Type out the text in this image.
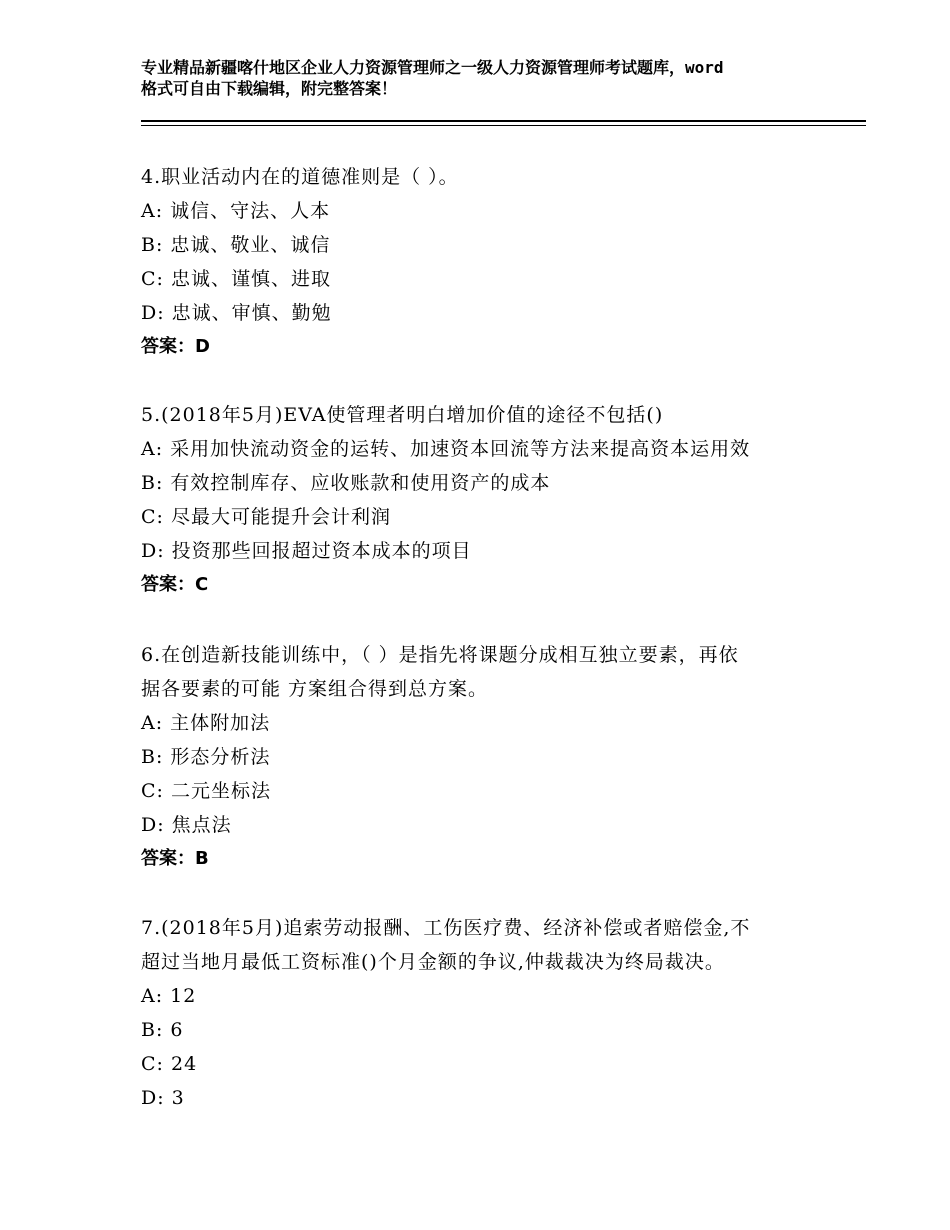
专业精品新疆喀什地区企业人力资源管理师之一级人力资源管理师考试题库，word
格式可自由下载编辑，附完整答案！
4.职业活动内在的道德准则是（ ）。
A: 诚信、守法、人本
B: 忠诚、敬业、诚信
C: 忠诚、谨慎、进取
D: 忠诚、审慎、勤勉
答案：D
5.(2018年5月)EVA使管理者明白增加价值的途径不包括()
A: 采用加快流动资金的运转、加速资本回流等方法来提高资本运用效
B: 有效控制库存、应收账款和使用资产的成本
C: 尽最大可能提升会计利润
D: 投资那些回报超过资本成本的项目
答案：C
6.在创造新技能训练中，（ ）是指先将课题分成相互独立要素，再依
据各要素的可能 方案组合得到总方案。
A: 主体附加法
B: 形态分析法
C: 二元坐标法
D: 焦点法
答案：B
7.(2018年5月)追索劳动报酬、工伤医疗费、经济补偿或者赔偿金,不
超过当地月最低工资标准()个月金额的争议,仲裁裁决为终局裁决。
A: 12
B: 6
C: 24
D: 3
